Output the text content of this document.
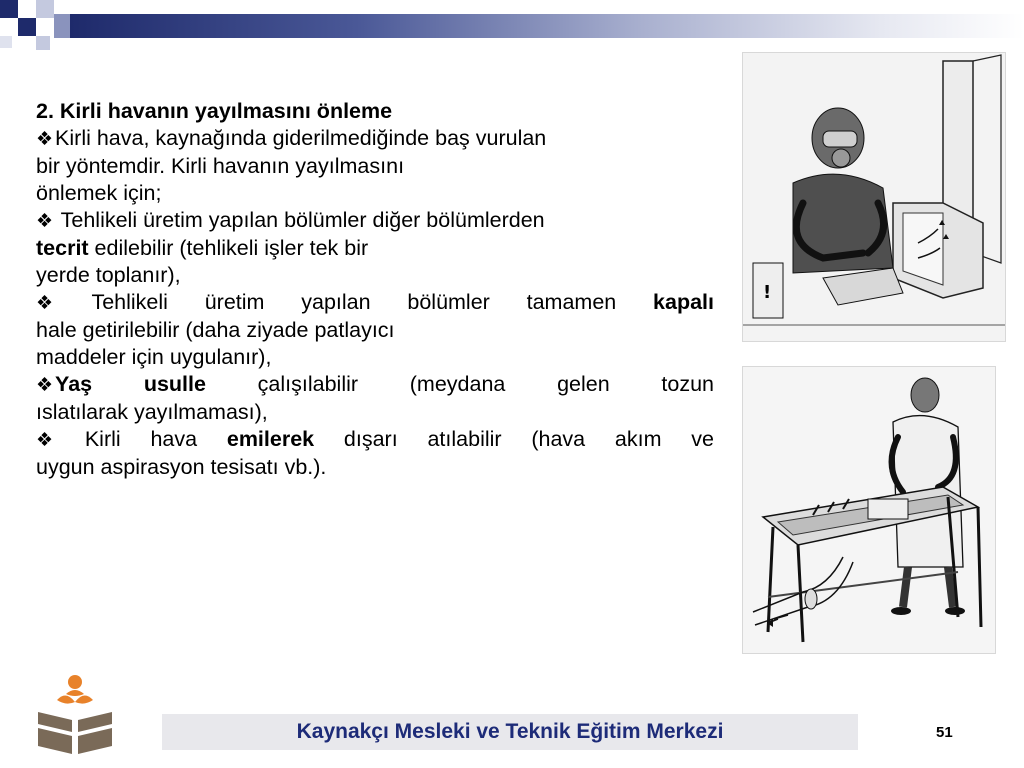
2. Kirli havanın yayılmasını önleme

❖Kirli hava, kaynağında giderilmediğinde baş vurulan
bir yöntemdir. Kirli havanın yayılmasını
önlemek için;

❖ Tehlikeli üretim yapılan bölümler diğer bölümlerden
tecrit edilebilir (tehlikeli işler tek bir
yerde toplanır),

❖ Tehlikeli üretim yapılan bölümler tamamen kapalı

hale getirilebilir (daha ziyade patlayıcı
maddeler için uygulanır),

❖Yaş usulle çalışılabilir (meydana gelen tozun

ıslatılarak yayılmaması),

❖ Kirli hava emilerek dışarı atılabilir (hava akım ve

uygun aspirasyon tesisatı vb.).

!
Kaynakçı Mesleki ve Teknik Eğitim Merkezi	51
